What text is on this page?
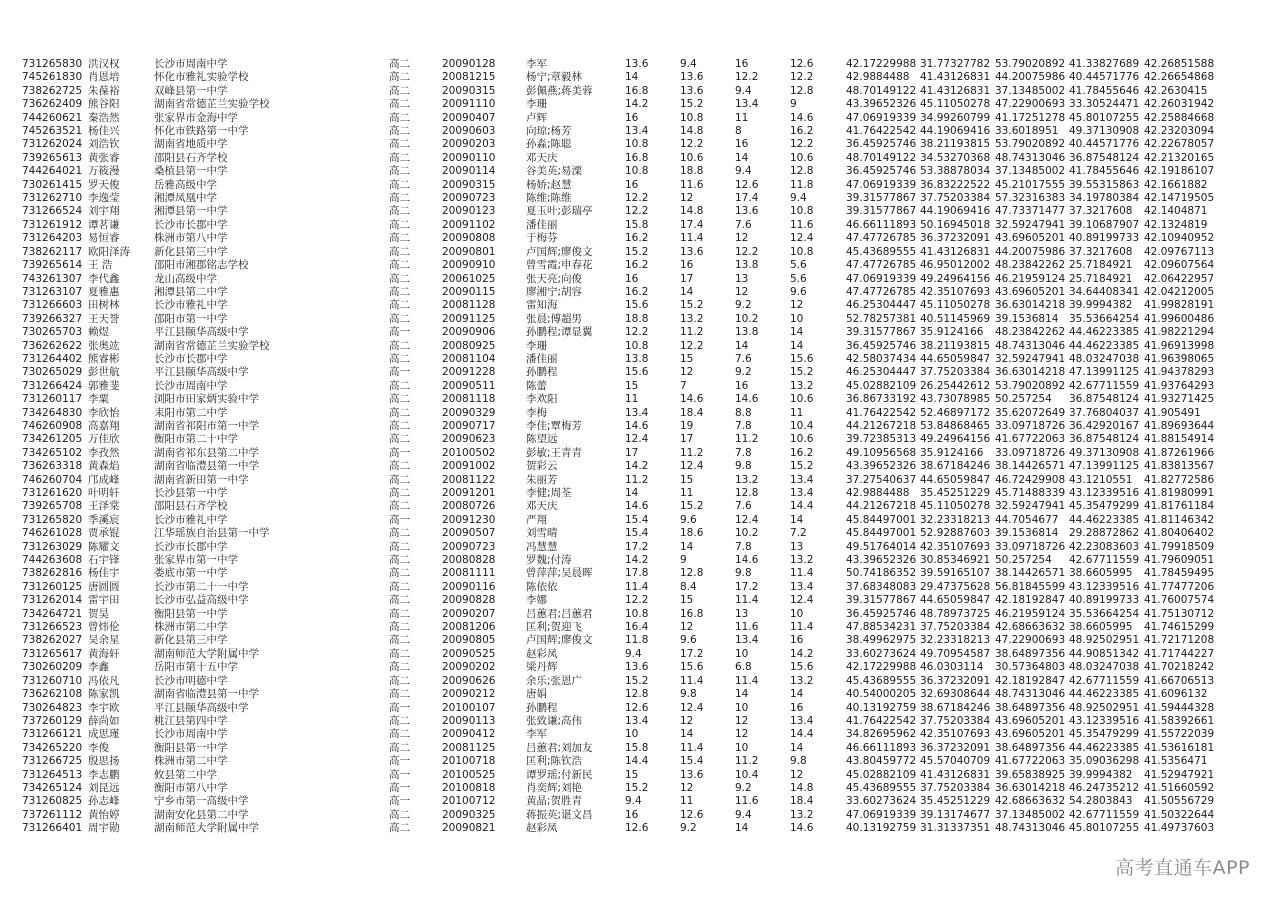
731265830	洪汉权	长沙市周南中学	高二	20090128	李军	13.6	9.4	16	12.6	42.17229988	31.77327782	53.79020892	41.33827689	42.26851588
745261830	肖恩培	怀化市雅礼实验学校	高二	20081215	杨宁;章毅林	14	13.6	12.2	12.2	42.9884488	41.43126831	44.20075986	40.44571776	42.26654868
738262725	朱葆裕	双峰县第一中学	高二	20090315	彭佩燕;蒋美蓉	16.8	13.6	9.4	12.8	48.70149122	41.43126831	37.13485002	41.78455646	42.2630415
736262409	熊谷阳	湖南省常德芷兰实验学校	高二	20091110	李珊	14.2	15.2	13.4	9	43.39652326	45.11050278	47.22900693	33.30524471	42.26031942
744260621	秦浩然	张家界市金海中学	高二	20090407	卢辉	16	10.8	11	14.6	47.06919339	34.99260799	41.17251278	45.80107255	42.25884668
745263521	杨佳兴	怀化市铁路第一中学	高二	20090603	向琼;杨芳	13.4	14.8	8	16.2	41.76422542	44.19069416	33.6018951	49.37130908	42.23203094
731262024	刘浩钦	湖南省地质中学	高二	20090203	孙淼;陈聪	10.8	12.2	16	12.2	36.45925746	38.21193815	53.79020892	40.44571776	42.22678057
739265613	黄张睿	邵阳县石齐学校	高二	20090110	邓天庆	16.8	10.6	14	10.6	48.70149122	34.53270368	48.74313046	36.87548124	42.21320165
744264021	万筱漫	桑植县第一中学	高二	20090114	谷美英;易溧	10.8	18.8	9.4	12.8	36.45925746	53.38878034	37.13485002	41.78455646	42.19186107
730261415	罗天俊	岳雅高级中学	高二	20090315	杨娇;赵慧	16	11.6	12.6	11.8	47.06919339	36.83222522	45.21017555	39.55315863	42.1661882
731262710	李逸莹	湘潭凤凰中学	高二	20090723	陈维;陈维	12.2	12	17.4	9.4	39.31577867	37.75203384	57.32316383	34.19780384	42.14719505
731266524	刘宇翔	湘潭县第一中学	高二	20090123	夏玉叶;彭瑞亭	12.2	14.8	13.6	10.8	39.31577867	44.19069416	47.73371477	37.3217608	42.1404871
731261912	谭茗谦	长沙市长郡中学	高二	20091102	潘佳丽	15.8	17.4	7.6	11.6	46.66111893	50.16945018	32.59247941	39.10687907	42.1324819
731264203	易恒睿	株洲市第八中学	高二	20090808	于梅芬	16.2	11.4	12	12.4	47.47726785	36.37232091	43.69605201	40.89199733	42.10940952
738262117	欧阳泽涛	新化县第三中学	高二	20090801	卢国辉;廖俊文	15.2	13.6	12.2	10.8	45.43689555	41.43126831	44.20075986	37.3217608	42.09767113
739265614	王 浩	邵阳市湘郡铭志学校	高二	20090910	曾雪霞;申春花	16.2	16	13.8	5.6	47.47726785	46.95012002	48.23842262	25.7184921	42.09607564
743261307	李代鑫	龙山高级中学	高二	20061025	张天亮;向俊	16	17	13	5.6	47.06919339	49.24964156	46.21959124	25.7184921	42.06422957
731263107	夏雅惠	湘潭县第二中学	高二	20090115	廖湘宁;胡容	16.2	14	12	9.6	47.47726785	42.35107693	43.69605201	34.64408341	42.04212005
731266603	田树林	长沙市雅礼中学	高二	20081128	雷知海	15.6	15.2	9.2	12	46.25304447	45.11050278	36.63014218	39.9994382	41.99828191
739266327	王天誉	邵阳市第一中学	高二	20091125	张晨;傅超男	18.8	13.2	10.2	10	52.78257381	40.51145969	39.1536814	35.53664254	41.99600486
730265703	赖煜	平江县颐华高级中学	高一	20090906	孙鹏程;谭显翼	12.2	11.2	13.8	14	39.31577867	35.9124166	48.23842262	44.46223385	41.98221294
736262622	张奥竑	湖南省常德芷兰实验学校	高二	20080925	李珊	10.8	12.2	14	14	36.45925746	38.21193815	48.74313046	44.46223385	41.96913998
731264402	熊睿彬	长沙市长郡中学	高二	20081104	潘佳丽	13.8	15	7.6	15.6	42.58037434	44.65059847	32.59247941	48.03247038	41.96398065
730265029	彭世航	平江县颐华高级中学	高一	20091228	孙鹏程	15.6	12	9.2	15.2	46.25304447	37.75203384	36.63014218	47.13991125	41.94378293
731266424	郭雅斐	长沙市周南中学	高二	20090511	陈蕾	15	7	16	13.2	45.02882109	26.25442612	53.79020892	42.67711559	41.93764293
731260117	李粟	浏阳市田家炳实验中学	高二	20081118	李欢阳	11	14.6	14.6	10.6	36.86733192	43.73078985	50.257254	36.87548124	41.93271425
734264830	李欣怡	耒阳市第二中学	高二	20090329	李梅	13.4	18.4	8.8	11	41.76422542	52.46897172	35.62072649	37.76804037	41.905491
746260908	高嘉翔	湖南省祁阳市第一中学	高二	20090717	李佳;覃梅芳	14.6	19	7.8	10.4	44.21267218	53.84868465	33.09718726	36.42920167	41.89693644
734261205	万佳欣	衡阳市第二十中学	高二	20090623	陈望远	12.4	17	11.2	10.6	39.72385313	49.24964156	41.67722063	36.87548124	41.88154914
734265102	李孜然	湖南省祁东县第二中学	高一	20100502	彭敏;王青青	17	11.2	7.8	16.2	49.10956568	35.9124166	33.09718726	49.37130908	41.87261966
736263318	黄森焰	湖南省临澧县第一中学	高二	20091002	贺彩云	14.2	12.4	9.8	15.2	43.39652326	38.67184246	38.14426571	47.13991125	41.83813567
746260704	邝成峰	湖南省新田第一中学	高二	20081122	朱丽芳	11.2	15	13.2	13.4	37.27540637	44.65059847	46.72429908	43.1210551	41.82772586
731261620	叶明轩	长沙县第一中学	高二	20091201	李健;周荃	14	11	12.8	13.4	42.9884488	35.45251229	45.71488339	43.12339516	41.81980991
739265708	王泽棠	邵阳县石齐学校	高二	20080726	邓天庆	14.6	15.2	7.6	14.4	44.21267218	45.11050278	32.59247941	45.35479299	41.81761184
731265820	季溪宸	长沙市雅礼中学	高一	20091230	严翔	15.4	9.6	12.4	14	45.84497001	32.23318213	44.7054677	44.46223385	41.81146342
746261028	贾承锟	江华瑶族自治县第一中学	高二	20090507	刘雪晴	15.4	18.6	10.2	7.2	45.84497001	52.92887603	39.1536814	29.28872862	41.80406402
731263029	陈耀文	长沙市长郡中学	高二	20090723	冯慧慧	17.2	14	7.8	13	49.51764014	42.35107693	33.09718726	42.23083603	41.79918509
744263608	石宇锋	张家界市第一中学	高二	20080828	罗魏;付涛	14.2	9	14.6	13.2	43.39652326	30.85346921	50.257254	42.67711559	41.79609051
738262816	杨佳宇	娄底市第一中学	高二	20081111	曾萍萍;吴晨晖	17.8	12.8	9.8	11.4	50.74186352	39.59165107	38.14426571	38.6605995	41.78459495
731260125	唐圆圆	长沙市第二十一中学	高二	20090116	陈依依	11.4	8.4	17.2	13.4	37.68348083	29.47375628	56.81845599	43.12339516	41.77477206
731262014	雷宇田	长沙市弘益高级中学	高二	20090828	李娜	12.2	15	11.4	12.4	39.31577867	44.65059847	42.18192847	40.89199733	41.76007574
734264721	贺昊	衡阳县第一中学	高二	20090207	吕蕙君;吕蕙君	10.8	16.8	13	10	36.45925746	48.78973725	46.21959124	35.53664254	41.75130712
731266523	曾炜伦	株洲市第二中学	高二	20081206	匡利;贺迎飞	16.4	12	11.6	11.4	47.88534231	37.75203384	42.68663632	38.6605995	41.74615299
738262027	吴余星	新化县第三中学	高二	20090805	卢国辉;廖俊文	11.8	9.6	13.4	16	38.49962975	32.23318213	47.22900693	48.92502951	41.72171208
731265617	黄海轩	湖南师范大学附属中学	高二	20090525	赵彩凤	9.4	17.2	10	14.2	33.60273624	49.70954587	38.64897356	44.90851342	41.71744227
730260209	李鑫	岳阳市第十五中学	高二	20090202	梁丹辉	13.6	15.6	6.8	15.6	42.17229988	46.0303114	30.57364803	48.03247038	41.70218242
731260710	冯依凡	长沙市明德中学	高二	20090626	余乐;张恩广	15.2	11.4	11.4	13.2	45.43689555	36.37232091	42.18192847	42.67711559	41.66706513
736262108	陈家凯	湖南省临澧县第一中学	高二	20090212	唐娟	12.8	9.8	14	14	40.54000205	32.69308644	48.74313046	44.46223385	41.6096132
730264823	李宇欧	平江县颐华高级中学	高一	20100107	孙鹏程	12.6	12.4	10	16	40.13192759	38.67184246	38.64897356	48.92502951	41.59444328
737260129	薛尚如	桃江县第四中学	高二	20090113	张致谦;高伟	13.4	12	12	13.4	41.76422542	37.75203384	43.69605201	43.12339516	41.58392661
731266121	成思瑾	长沙市周南中学	高二	20090412	李军	10	14	12	14.4	34.82695962	42.35107693	43.69605201	45.35479299	41.55722039
734265220	李俊	衡阳县第一中学	高二	20081125	吕蕙君;刘加友	15.8	11.4	10	14	46.66111893	36.37232091	38.64897356	44.46223385	41.53616181
731266725	殷思扬	株洲市第二中学	高一	20100718	匡利;陈钦浩	14.4	15.4	11.2	9.8	43.80459772	45.57040709	41.67722063	35.09036298	41.5356471
731264513	李志鹏	攸县第二中学	高一	20100525	谭罗瑶;付新民	15	13.6	10.4	12	45.02882109	41.43126831	39.65838925	39.9994382	41.52947921
734265124	刘昆远	衡阳市第八中学	高一	20100818	肖奕辉;刘艳	15.2	12	9.2	14.8	45.43689555	37.75203384	36.63014218	46.24735212	41.51660592
731260825	孙志峰	宁乡市第一高级中学	高一	20100712	黄晶;贺胜青	9.4	11	11.6	18.4	33.60273624	35.45251229	42.68663632	54.2803843	41.50556729
737261112	黄怡婷	湖南安化县第二中学	高二	20090325	蒋振英;谌文昌	16	12.6	9.4	13.2	47.06919339	39.13174677	37.13485002	42.67711559	41.50322644
731266401	周宇勋	湖南师范大学附属中学	高二	20090821	赵彩凤	12.6	9.2	14	14.6	40.13192759	31.31337351	48.74313046	45.80107255	41.49737603
高考直通车APP
